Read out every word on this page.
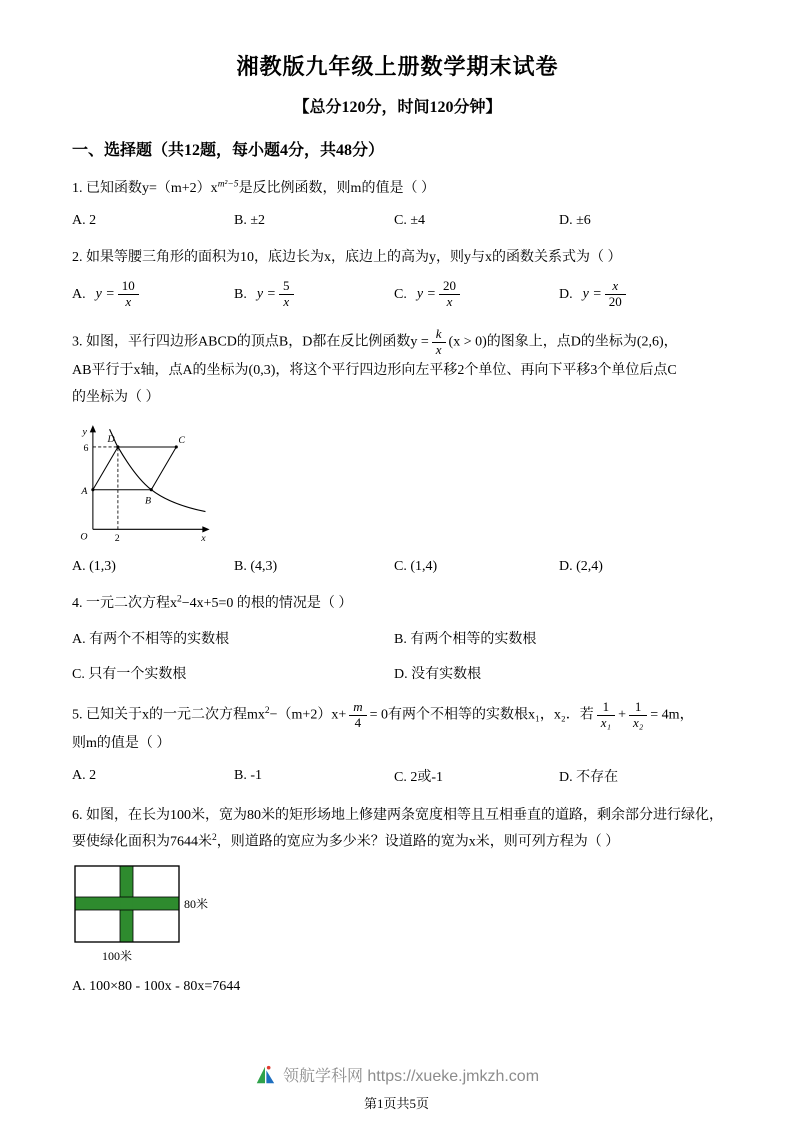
湘教版九年级上册数学期末试卷
【总分120分，时间120分钟】
一、选择题（共12题，每小题4分，共48分）
1. 已知函数$y=(m+2)x^{m^2-5}$是反比例函数，则m的值是（ ）
A. 2	B. ±2	C. ±4	D. ±6
2. 如果等腰三角形的面积为10，底边长为x，底边上的高为y，则y与x的函数关系式为（ ）
A. $y = \frac{10}{x}$	B. $y = \frac{5}{x}$	C. $y = \frac{20}{x}$	D. $y = \frac{x}{20}$
3. 如图，平行四边形ABCD的顶点B，D都在反比例函数$y = \frac{k}{x} (x > 0)$的图象上，点D的坐标为(2,6)，
AB平行于x轴，点A的坐标为(0,3)，将这个平行四边形向左平移2个单位、再向下平移3个单位后点C
的坐标为（ ）
y
x
O
6
2
D	C
A
B
A. (1,3)	B. (4,3)	C. (1,4)	D. (2,4)
4. 一元二次方程$x^2-4x+5=0$ 的根的情况是（ ）
A. 有两个不相等的实数根	B. 有两个相等的实数根
C. 只有一个实数根	D. 没有实数根
5. 已知关于x的一元二次方程$mx^2-(m+2)x+ \frac{m}{4} = 0$有两个不相等的实数根x₁，x₂．若 $\frac{1}{\text{x₁}} + \frac{1}{\text{x₂}} = 4m$，
则m的值是（ ）
A. 2	B. -1	C. 2或-1	D. 不存在
6. 如图，在长为100米，宽为80米的矩形场地上修建两条宽度相等且互相垂直的道路，剩余部分进行绿化，
要使绿化面积为7644米$^2$，则道路的宽应为多少米？设道路的宽为x米，则可列方程为（ ）
80米
100米
A. 100×80 - 100x - 80x=7644
领航学科网 https://xueke.jmkzh.com
第1页共5页
